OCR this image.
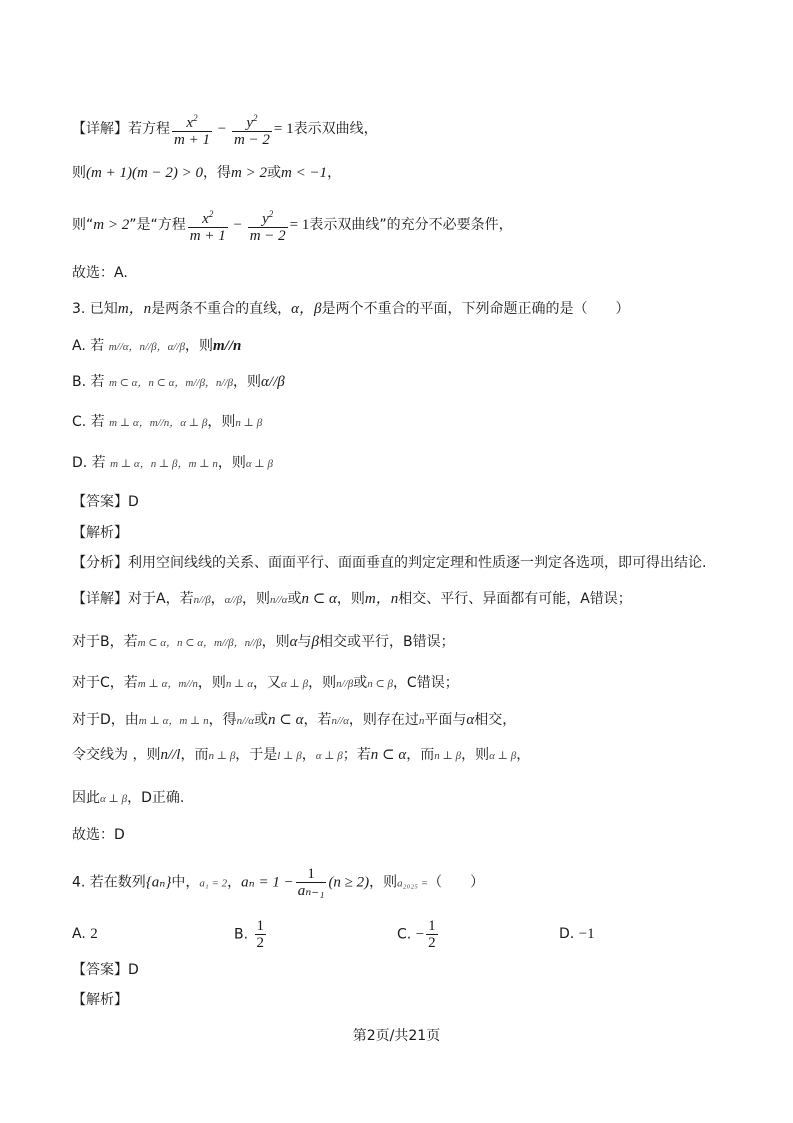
【详解】若方程 $\frac{x^2}{m + 1} - \frac{y^2}{m - 2} = 1$表示双曲线，
则(m + 1)(m − 2) > 0，得m > 2或m < −1，
则“m > 2”是“方程 $\frac{x^2}{m + 1} - \frac{y^2}{m - 2} = 1$表示双曲线”的充分不必要条件，
故选：A.
3. 已知m，n是两条不重合的直线，α，β是两个不重合的平面，下列命题正确的是（　　）
A. 若 m//α，n//β，α//β，则m//n
B. 若 m ⊂ α，n ⊂ α，m//β，n//β，则α//β
C. 若 m ⊥ α，m//n，α ⊥ β，则n ⊥ β
D. 若 m ⊥ α，n ⊥ β，m ⊥ n，则α ⊥ β
【答案】D
【解析】
【分析】利用空间线线的关系、面面平行、面面垂直的判定定理和性质逐一判定各选项，即可得出结论.
【详解】对于A，若n//β，α//β，则n//α或n ⊂ α，则m，n相交、平行、异面都有可能，A错误；
对于B，若m ⊂ α，n ⊂ α，m//β，n//β，则α与β相交或平行，B错误；
对于C，若m ⊥ α，m//n，则n ⊥ α，又α ⊥ β，则n//β或n ⊂ β，C错误；
对于D，由m ⊥ α，m ⊥ n，得n//α或n ⊂ α，若n//α，则存在过n平面与α相交，
令交线为 ，则n//l，而n ⊥ β，于是l ⊥ β，α ⊥ β；若n ⊂ α，而n ⊥ β，则α ⊥ β，
因此α ⊥ β，D正确.
故选：D
4. 若在数列{aₙ}中，a₁ = 2，$a_n = 1 - \frac{1}{\text{aₙ₋₁}} (n \ge 2)$，则a₂₀₂₅ =（　　）
A. 2	B. $\frac{1}{2}$	C. − $\frac{1}{2}$	D. −1
【答案】D
【解析】
第2页/共21页
